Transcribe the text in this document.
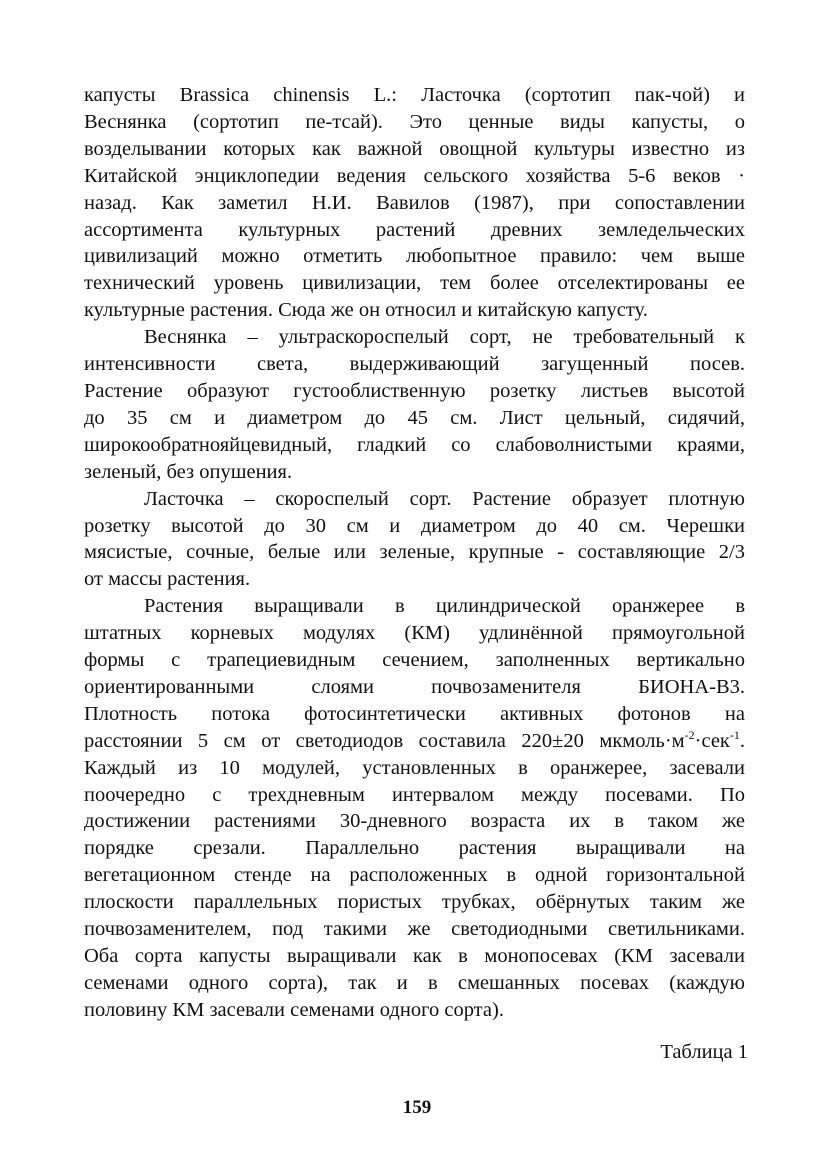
капусты Brassica chinensis L.: Ласточка (сортотип пак-чой) и
Веснянка (сортотип пе-тсай). Это ценные виды капусты, о
возделывании которых как важной овощной культуры известно из
Китайской энциклопедии ведения сельского хозяйства 5-6 веков ·
назад. Как заметил Н.И. Вавилов (1987), при сопоставлении
ассортимента культурных растений древних земледельческих
цивилизаций можно отметить любопытное правило: чем выше
технический уровень цивилизации, тем более отселектированы ее
культурные растения. Сюда же он относил и китайскую капусту.
Веснянка – ультраскороспелый сорт, не требовательный к
интенсивности света, выдерживающий загущенный посев.
Растение образуют густооблиственную розетку листьев высотой
до 35 см и диаметром до 45 см. Лист цельный, сидячий,
широкообратнояйцевидный, гладкий со слабоволнистыми краями,
зеленый, без опушения.
Ласточка – скороспелый сорт. Растение образует плотную
розетку высотой до 30 см и диаметром до 40 см. Черешки
мясистые, сочные, белые или зеленые, крупные - составляющие 2/3
от массы растения.
Растения выращивали в цилиндрической оранжерее в
штатных корневых модулях (КМ) удлинённой прямоугольной
формы с трапециевидным сечением, заполненных вертикально
ориентированными слоями почвозаменителя БИОНА-В3.
Плотность потока фотосинтетически активных фотонов на
расстоянии 5 см от светодиодов составила 220±20 $мкмоль\cdot м^{-2}\cdot сек^{-1}$.
Каждый из 10 модулей, установленных в оранжерее, засевали
поочередно с трехдневным интервалом между посевами. По
достижении растениями 30-дневного возраста их в таком же
порядке срезали. Параллельно растения выращивали на
вегетационном стенде на расположенных в одной горизонтальной
плоскости параллельных пористых трубках, обёрнутых таким же
почвозаменителем, под такими же светодиодными светильниками.
Оба сорта капусты выращивали как в монопосевах (КМ засевали
семенами одного сорта), так и в смешанных посевах (каждую
половину КМ засевали семенами одного сорта).
Таблица 1
159
